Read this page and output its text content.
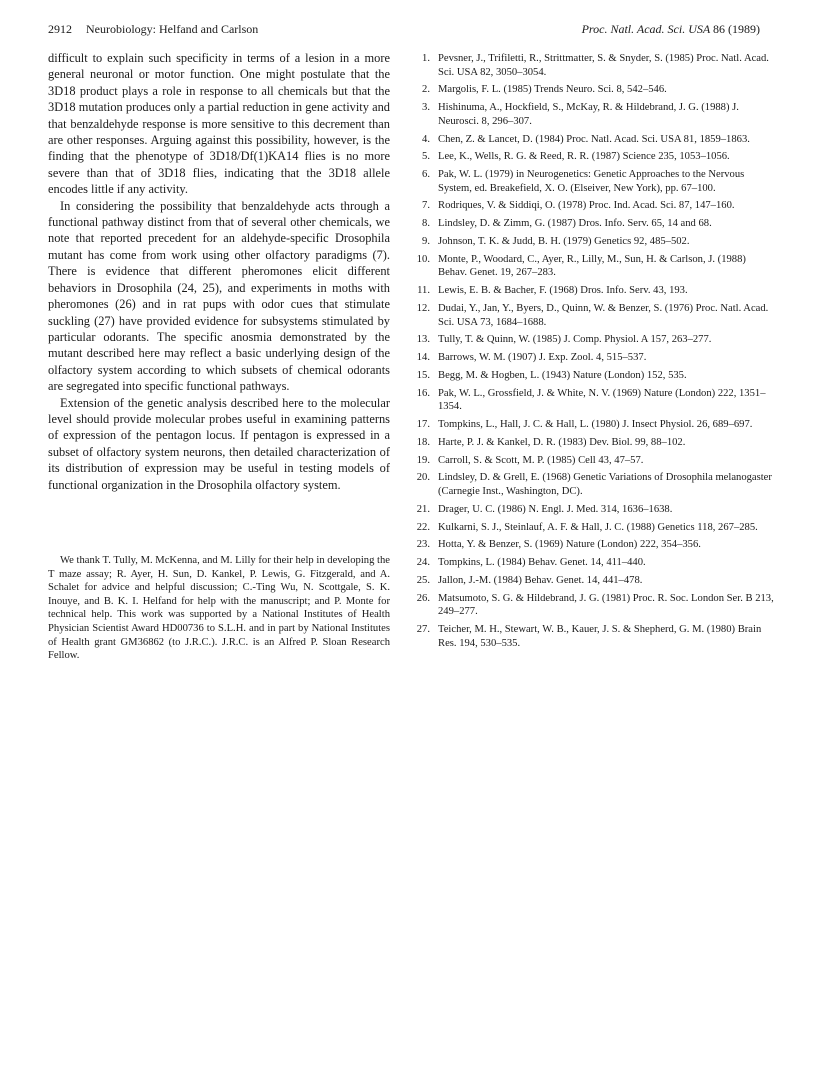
2912 Neurobiology: Helfand and Carlson	Proc. Natl. Acad. Sci. USA 86 (1989)

difficult to explain such specificity in terms of a lesion in a more general neuronal or motor function. One might postulate that the 3D18 product plays a role in response to all chemicals but that the 3D18 mutation produces only a partial reduction in gene activity and that benzaldehyde response is more sensitive to this decrement than are other responses. Arguing against this possibility, however, is the finding that the phenotype of 3D18/Df(1)KA14 flies is no more severe than that of 3D18 flies, indicating that the 3D18 allele encodes little if any activity.

In considering the possibility that benzaldehyde acts through a functional pathway distinct from that of several other chemicals, we note that reported precedent for an aldehyde-specific Drosophila mutant has come from work using other olfactory paradigms (7). There is evidence that different pheromones elicit different behaviors in Drosophila (24, 25), and experiments in moths with pheromones (26) and in rat pups with odor cues that stimulate suckling (27) have provided evidence for subsystems stimulated by particular odorants. The specific anosmia demonstrated by the mutant described here may reflect a basic underlying design of the olfactory system according to which subsets of chemical odorants are segregated into specific functional pathways.

Extension of the genetic analysis described here to the molecular level should provide molecular probes useful in examining patterns of expression of the pentagon locus. If pentagon is expressed in a subset of olfactory system neurons, then detailed characterization of its distribution of expression may be useful in testing models of functional organization in the Drosophila olfactory system.

We thank T. Tully, M. McKenna, and M. Lilly for their help in developing the T maze assay; R. Ayer, H. Sun, D. Kankel, P. Lewis, G. Fitzgerald, and A. Schalet for advice and helpful discussion; C.-Ting Wu, N. Scottgale, S. K. Inouye, and B. K. I. Helfand for help with the manuscript; and P. Monte for technical help. This work was supported by a National Institutes of Health Physician Scientist Award HD00736 to S.L.H. and in part by National Institutes of Health grant GM36862 (to J.R.C.). J.R.C. is an Alfred P. Sloan Research Fellow.

1. Pevsner, J., Trifiletti, R., Strittmatter, S. & Snyder, S. (1985) Proc. Natl. Acad. Sci. USA 82, 3050–3054.
2. Margolis, F. L. (1985) Trends Neuro. Sci. 8, 542–546.
3. Hishinuma, A., Hockfield, S., McKay, R. & Hildebrand, J. G. (1988) J. Neurosci. 8, 296–307.
4. Chen, Z. & Lancet, D. (1984) Proc. Natl. Acad. Sci. USA 81, 1859–1863.
5. Lee, K., Wells, R. G. & Reed, R. R. (1987) Science 235, 1053–1056.
6. Pak, W. L. (1979) in Neurogenetics: Genetic Approaches to the Nervous System, ed. Breakefield, X. O. (Elseiver, New York), pp. 67–100.
7. Rodriques, V. & Siddiqi, O. (1978) Proc. Ind. Acad. Sci. 87, 147–160.
8. Lindsley, D. & Zimm, G. (1987) Dros. Info. Serv. 65, 14 and 68.
9. Johnson, T. K. & Judd, B. H. (1979) Genetics 92, 485–502.
10. Monte, P., Woodard, C., Ayer, R., Lilly, M., Sun, H. & Carlson, J. (1988) Behav. Genet. 19, 267–283.
11. Lewis, E. B. & Bacher, F. (1968) Dros. Info. Serv. 43, 193.
12. Dudai, Y., Jan, Y., Byers, D., Quinn, W. & Benzer, S. (1976) Proc. Natl. Acad. Sci. USA 73, 1684–1688.
13. Tully, T. & Quinn, W. (1985) J. Comp. Physiol. A 157, 263–277.
14. Barrows, W. M. (1907) J. Exp. Zool. 4, 515–537.
15. Begg, M. & Hogben, L. (1943) Nature (London) 152, 535.
16. Pak, W. L., Grossfield, J. & White, N. V. (1969) Nature (London) 222, 1351–1354.
17. Tompkins, L., Hall, J. C. & Hall, L. (1980) J. Insect Physiol. 26, 689–697.
18. Harte, P. J. & Kankel, D. R. (1983) Dev. Biol. 99, 88–102.
19. Carroll, S. & Scott, M. P. (1985) Cell 43, 47–57.
20. Lindsley, D. & Grell, E. (1968) Genetic Variations of Drosophila melanogaster (Carnegie Inst., Washington, DC).
21. Drager, U. C. (1986) N. Engl. J. Med. 314, 1636–1638.
22. Kulkarni, S. J., Steinlauf, A. F. & Hall, J. C. (1988) Genetics 118, 267–285.
23. Hotta, Y. & Benzer, S. (1969) Nature (London) 222, 354–356.
24. Tompkins, L. (1984) Behav. Genet. 14, 411–440.
25. Jallon, J.-M. (1984) Behav. Genet. 14, 441–478.
26. Matsumoto, S. G. & Hildebrand, J. G. (1981) Proc. R. Soc. London Ser. B 213, 249–277.
27. Teicher, M. H., Stewart, W. B., Kauer, J. S. & Shepherd, G. M. (1980) Brain Res. 194, 530–535.
